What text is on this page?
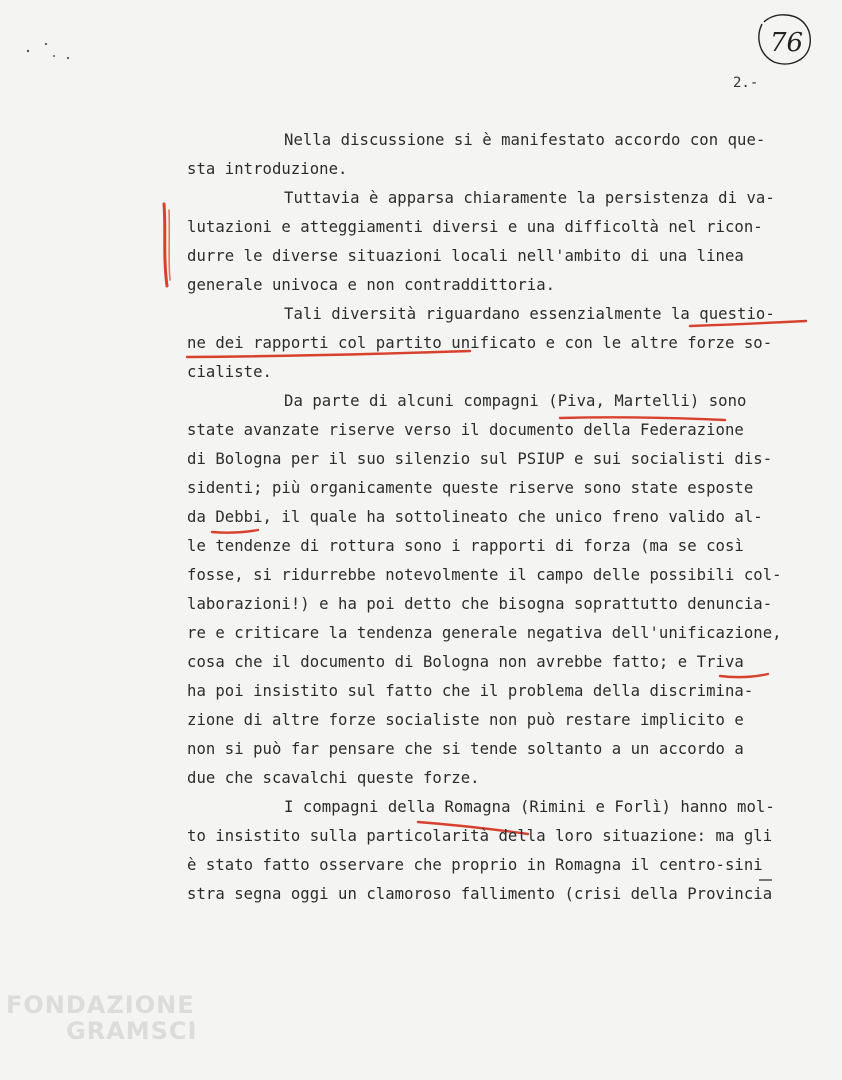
FONDAZIONE
GRAMSCI
76
2.-

Nella discussione si è manifestato accordo con que-
sta introduzione.

Tuttavia è apparsa chiaramente la persistenza di va-
lutazioni e atteggiamenti diversi e una difficoltà nel ricon-
durre le diverse situazioni locali nell'ambito di una linea
generale univoca e non contraddittoria.

Tali diversità riguardano essenzialmente la questio-
ne dei rapporti col partito unificato e con le altre forze so-
cialiste.

Da parte di alcuni compagni (Piva, Martelli) sono
state avanzate riserve verso il documento della Federazione
di Bologna per il suo silenzio sul PSIUP e sui socialisti dis-
sidenti; più organicamente queste riserve sono state esposte
da Debbi, il quale ha sottolineato che unico freno valido al-
le tendenze di rottura sono i rapporti di forza (ma se così
fosse, si ridurrebbe notevolmente il campo delle possibili col-
laborazioni!) e ha poi detto che bisogna soprattutto denuncia-
re e criticare la tendenza generale negativa dell'unificazione,
cosa che il documento di Bologna non avrebbe fatto; e Triva
ha poi insistito sul fatto che il problema della discrimina-
zione di altre forze socialiste non può restare implicito e
non si può far pensare che si tende soltanto a un accordo a
due che scavalchi queste forze.

I compagni della Romagna (Rimini e Forlì) hanno mol-
to insistito sulla particolarità della loro situazione: ma gli
è stato fatto osservare che proprio in Romagna il centro-sini
stra segna oggi un clamoroso fallimento (crisi della Provincia
